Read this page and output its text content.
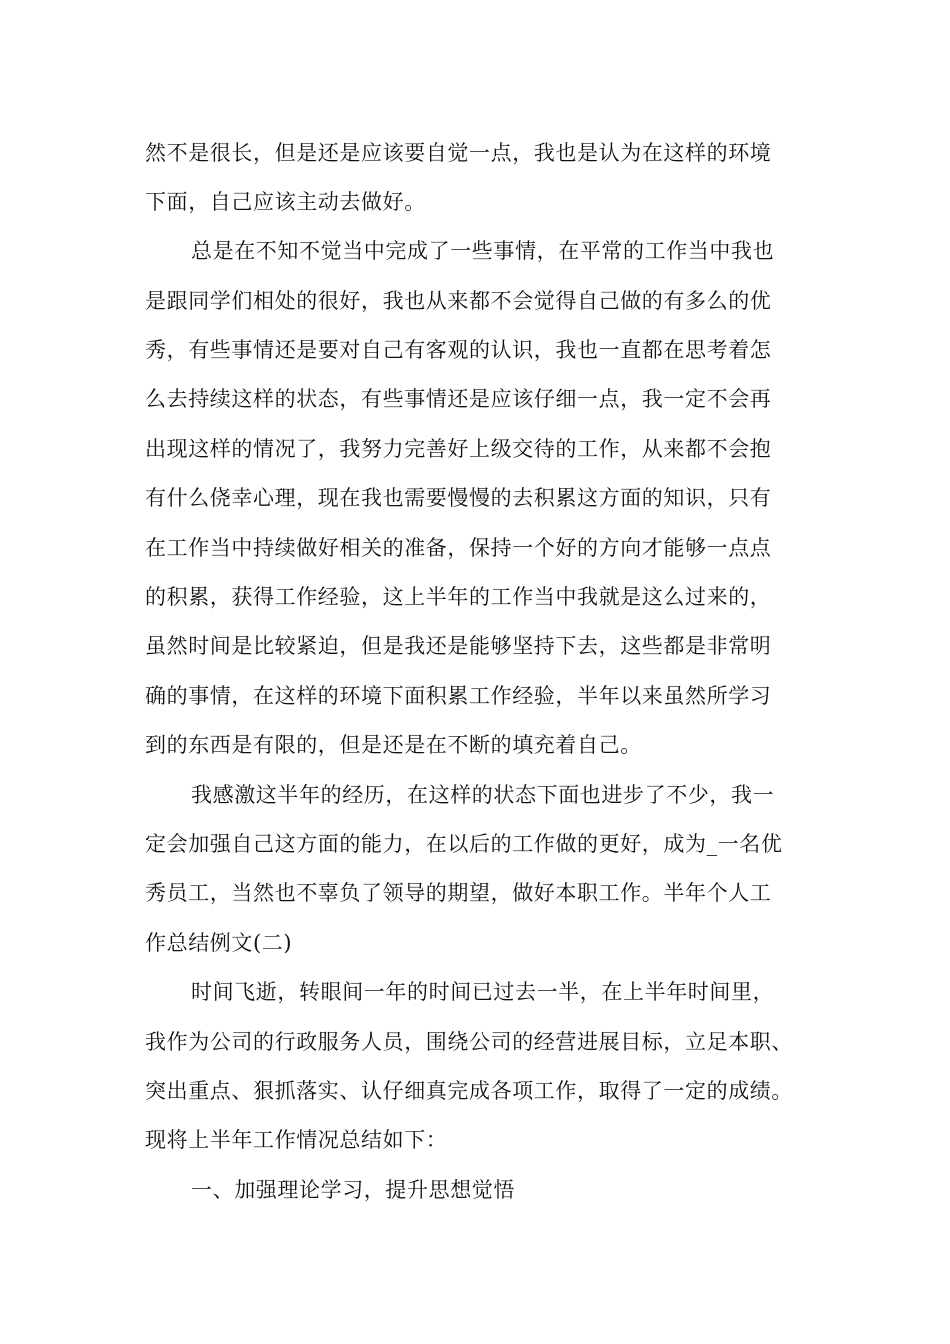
然不是很长，但是还是应该要自觉一点，我也是认为在这样的环境

下面，自己应该主动去做好。

总是在不知不觉当中完成了一些事情，在平常的工作当中我也

是跟同学们相处的很好，我也从来都不会觉得自己做的有多么的优

秀，有些事情还是要对自己有客观的认识，我也一直都在思考着怎

么去持续这样的状态，有些事情还是应该仔细一点，我一定不会再

出现这样的情况了，我努力完善好上级交待的工作，从来都不会抱

有什么侥幸心理，现在我也需要慢慢的去积累这方面的知识，只有

在工作当中持续做好相关的准备，保持一个好的方向才能够一点点

的积累，获得工作经验，这上半年的工作当中我就是这么过来的，

虽然时间是比较紧迫，但是我还是能够坚持下去，这些都是非常明

确的事情，在这样的环境下面积累工作经验，半年以来虽然所学习

到的东西是有限的，但是还是在不断的填充着自己。

我感激这半年的经历，在这样的状态下面也进步了不少，我一

定会加强自己这方面的能力，在以后的工作做的更好，成为_一名优

秀员工，当然也不辜负了领导的期望，做好本职工作。半年个人工

作总结例文(二)

时间飞逝，转眼间一年的时间已过去一半，在上半年时间里，

我作为公司的行政服务人员，围绕公司的经营进展目标，立足本职、

突出重点、狠抓落实、认仔细真完成各项工作，取得了一定的成绩。

现将上半年工作情况总结如下：

一、加强理论学习，提升思想觉悟
